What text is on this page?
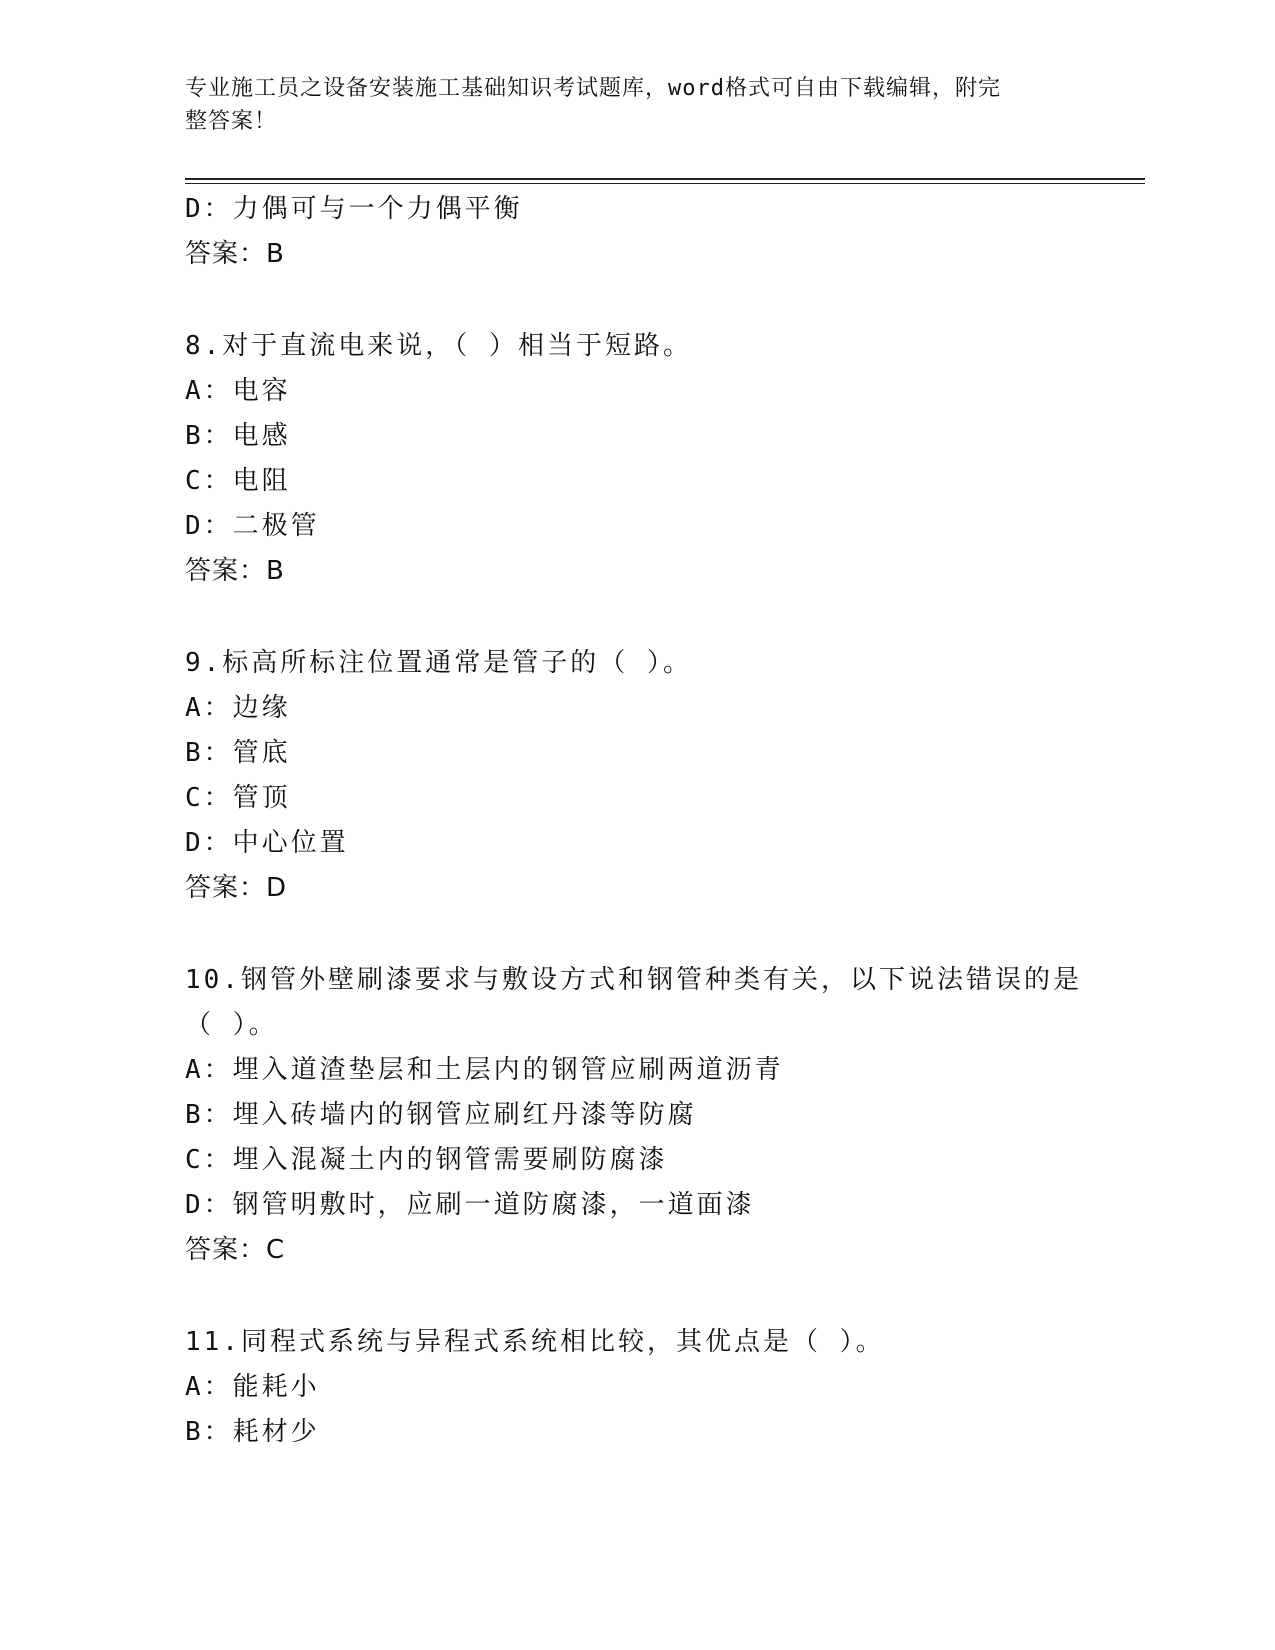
专业施工员之设备安装施工基础知识考试题库，word格式可自由下载编辑，附完
整答案！
D：力偶可与一个力偶平衡
答案：B
8.对于直流电来说，（ ）相当于短路。
A：电容
B：电感
C：电阻
D：二极管
答案：B
9.标高所标注位置通常是管子的（ ）。
A：边缘
B：管底
C：管顶
D：中心位置
答案：D
10.钢管外壁刷漆要求与敷设方式和钢管种类有关，以下说法错误的是
（ ）。
A：埋入道渣垫层和土层内的钢管应刷两道沥青
B：埋入砖墙内的钢管应刷红丹漆等防腐
C：埋入混凝土内的钢管需要刷防腐漆
D：钢管明敷时，应刷一道防腐漆，一道面漆
答案：C
11.同程式系统与异程式系统相比较，其优点是（ ）。
A：能耗小
B：耗材少
